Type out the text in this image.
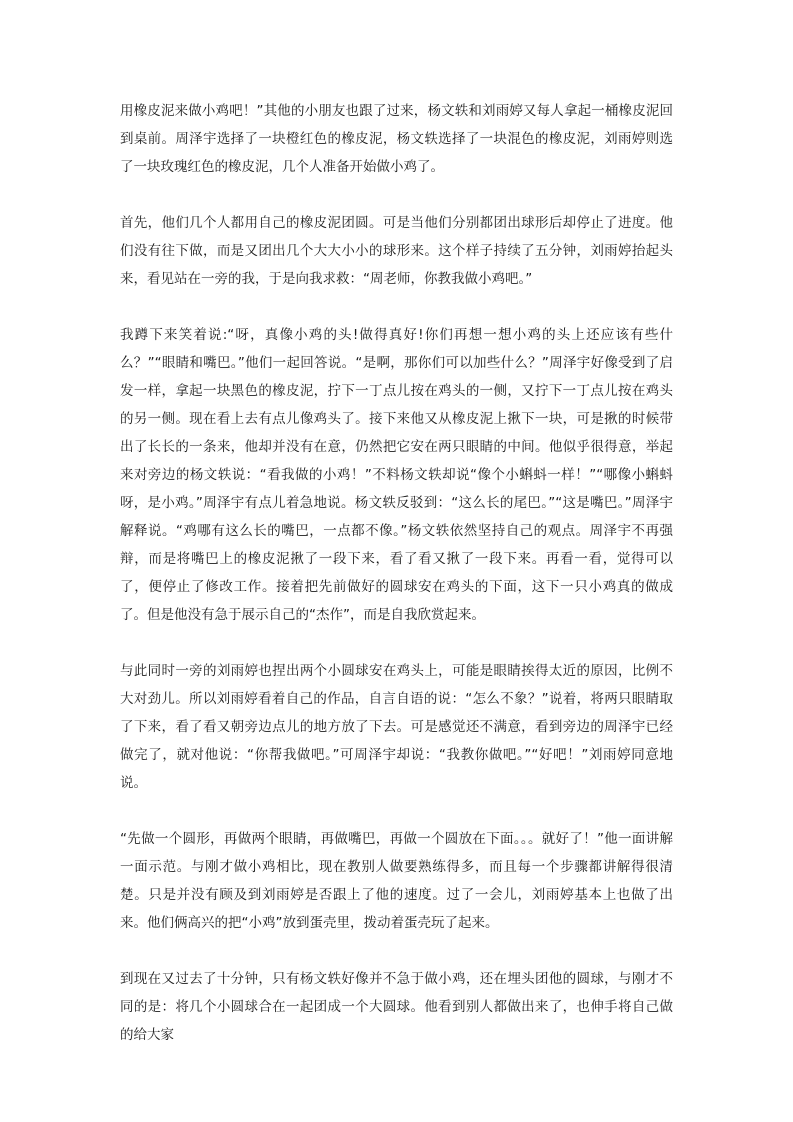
用橡皮泥来做小鸡吧！”其他的小朋友也跟了过来，杨文轶和刘雨婷又每人拿起一桶橡皮泥回到桌前。周泽宇选择了一块橙红色的橡皮泥，杨文轶选择了一块混色的橡皮泥，刘雨婷则选了一块玫瑰红色的橡皮泥，几个人准备开始做小鸡了。

首先，他们几个人都用自己的橡皮泥团圆。可是当他们分别都团出球形后却停止了进度。他们没有往下做，而是又团出几个大大小小的球形来。这个样子持续了五分钟，刘雨婷抬起头来，看见站在一旁的我，于是向我求救：“周老师，你教我做小鸡吧。”

我蹲下来笑着说:“呀，真像小鸡的头!做得真好!你们再想一想小鸡的头上还应该有些什么？”“眼睛和嘴巴。”他们一起回答说。“是啊，那你们可以加些什么？”周泽宇好像受到了启发一样，拿起一块黑色的橡皮泥，拧下一丁点儿按在鸡头的一侧，又拧下一丁点儿按在鸡头的另一侧。现在看上去有点儿像鸡头了。接下来他又从橡皮泥上揪下一块，可是揪的时候带出了长长的一条来，他却并没有在意，仍然把它安在两只眼睛的中间。他似乎很得意，举起来对旁边的杨文轶说：“看我做的小鸡！”不料杨文轶却说“像个小蝌蚪一样！”“哪像小蝌蚪呀，是小鸡。”周泽宇有点儿着急地说。杨文轶反驳到：“这么长的尾巴。”“这是嘴巴。”周泽宇解释说。“鸡哪有这么长的嘴巴，一点都不像。”杨文轶依然坚持自己的观点。周泽宇不再强辩，而是将嘴巴上的橡皮泥揪了一段下来，看了看又揪了一段下来。再看一看，觉得可以了，便停止了修改工作。接着把先前做好的圆球安在鸡头的下面，这下一只小鸡真的做成了。但是他没有急于展示自己的“杰作”，而是自我欣赏起来。

与此同时一旁的刘雨婷也捏出两个小圆球安在鸡头上，可能是眼睛挨得太近的原因，比例不大对劲儿。所以刘雨婷看着自己的作品，自言自语的说：“怎么不象？”说着，将两只眼睛取了下来，看了看又朝旁边点儿的地方放了下去。可是感觉还不满意，看到旁边的周泽宇已经做完了，就对他说：“你帮我做吧。”可周泽宇却说：“我教你做吧。”“好吧！”刘雨婷同意地说。

“先做一个圆形，再做两个眼睛，再做嘴巴，再做一个圆放在下面。。。就好了！”他一面讲解一面示范。与刚才做小鸡相比，现在教别人做要熟练得多，而且每一个步骤都讲解得很清楚。只是并没有顾及到刘雨婷是否跟上了他的速度。过了一会儿，刘雨婷基本上也做了出来。他们俩高兴的把“小鸡”放到蛋壳里，拨动着蛋壳玩了起来。

到现在又过去了十分钟，只有杨文轶好像并不急于做小鸡，还在埋头团他的圆球，与刚才不同的是：将几个小圆球合在一起团成一个大圆球。他看到别人都做出来了，也伸手将自己做的给大家
